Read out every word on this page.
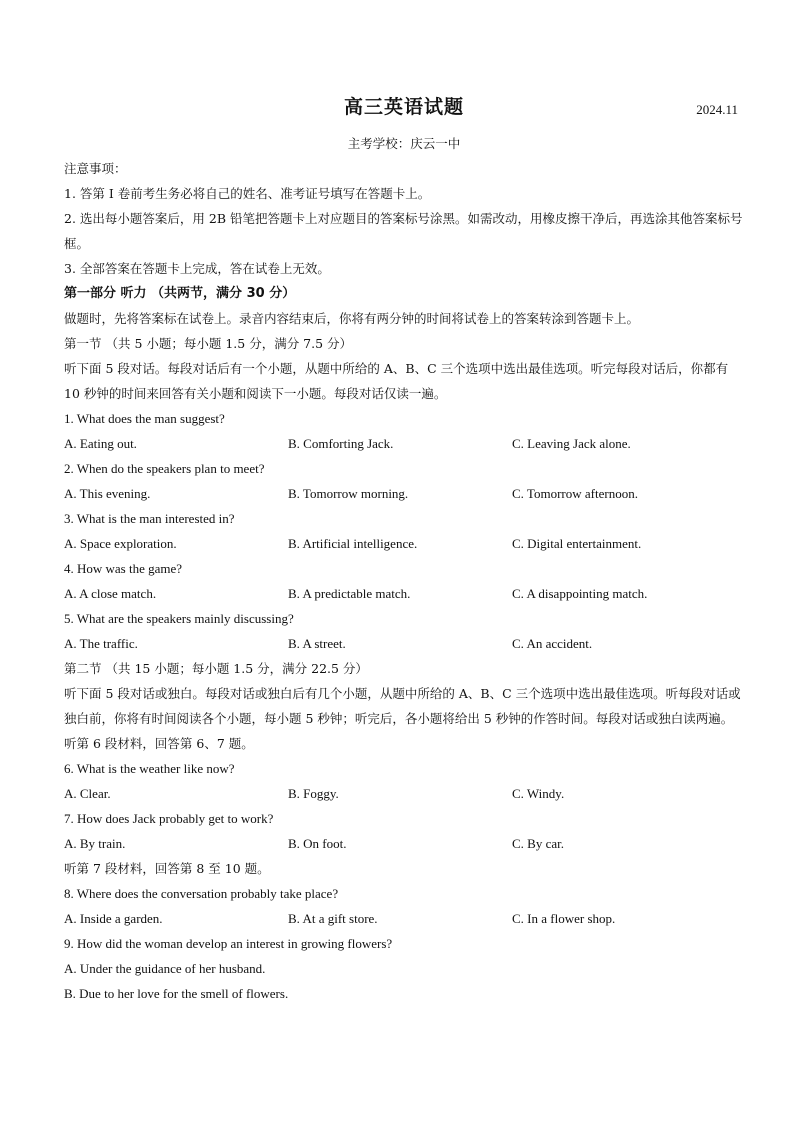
高三英语试题	2024.11
主考学校：庆云一中
注意事项：
1. 答第 I 卷前考生务必将自己的姓名、准考证号填写在答题卡上。
2. 选出每小题答案后，用 2B 铅笔把答题卡上对应题目的答案标号涂黑。如需改动，用橡皮擦干净后，再选涂其他答案标号框。
3. 全部答案在答题卡上完成，答在试卷上无效。
第一部分 听力 （共两节，满分 30 分）
做题时，先将答案标在试卷上。录音内容结束后，你将有两分钟的时间将试卷上的答案转涂到答题卡上。
第一节 （共 5 小题；每小题 1.5 分，满分 7.5 分）
听下面 5 段对话。每段对话后有一个小题，从题中所给的 A、B、C 三个选项中选出最佳选项。听完每段对话后，你都有 10 秒钟的时间来回答有关小题和阅读下一小题。每段对话仅读一遍。
1. What does the man suggest?
A. Eating out.	B. Comforting Jack.	C. Leaving Jack alone.
2. When do the speakers plan to meet?
A. This evening.	B. Tomorrow morning.	C. Tomorrow afternoon.
3. What is the man interested in?
A. Space exploration.	B. Artificial intelligence.	C. Digital entertainment.
4. How was the game?
A. A close match.	B. A predictable match.	C. A disappointing match.
5. What are the speakers mainly discussing?
A. The traffic.	B. A street.	C. An accident.
第二节 （共 15 小题；每小题 1.5 分，满分 22.5 分）
听下面 5 段对话或独白。每段对话或独白后有几个小题，从题中所给的 A、B、C 三个选项中选出最佳选项。听每段对话或独白前，你将有时间阅读各个小题，每小题 5 秒钟；听完后，各小题将给出 5 秒钟的作答时间。每段对话或独白读两遍。
听第 6 段材料，回答第 6、7 题。
6. What is the weather like now?
A. Clear.	B. Foggy.	C. Windy.
7. How does Jack probably get to work?
A. By train.	B. On foot.	C. By car.
听第 7 段材料，回答第 8 至 10 题。
8. Where does the conversation probably take place?
A. Inside a garden.	B. At a gift store.	C. In a flower shop.
9. How did the woman develop an interest in growing flowers?
A. Under the guidance of her husband.
B. Due to her love for the smell of flowers.
